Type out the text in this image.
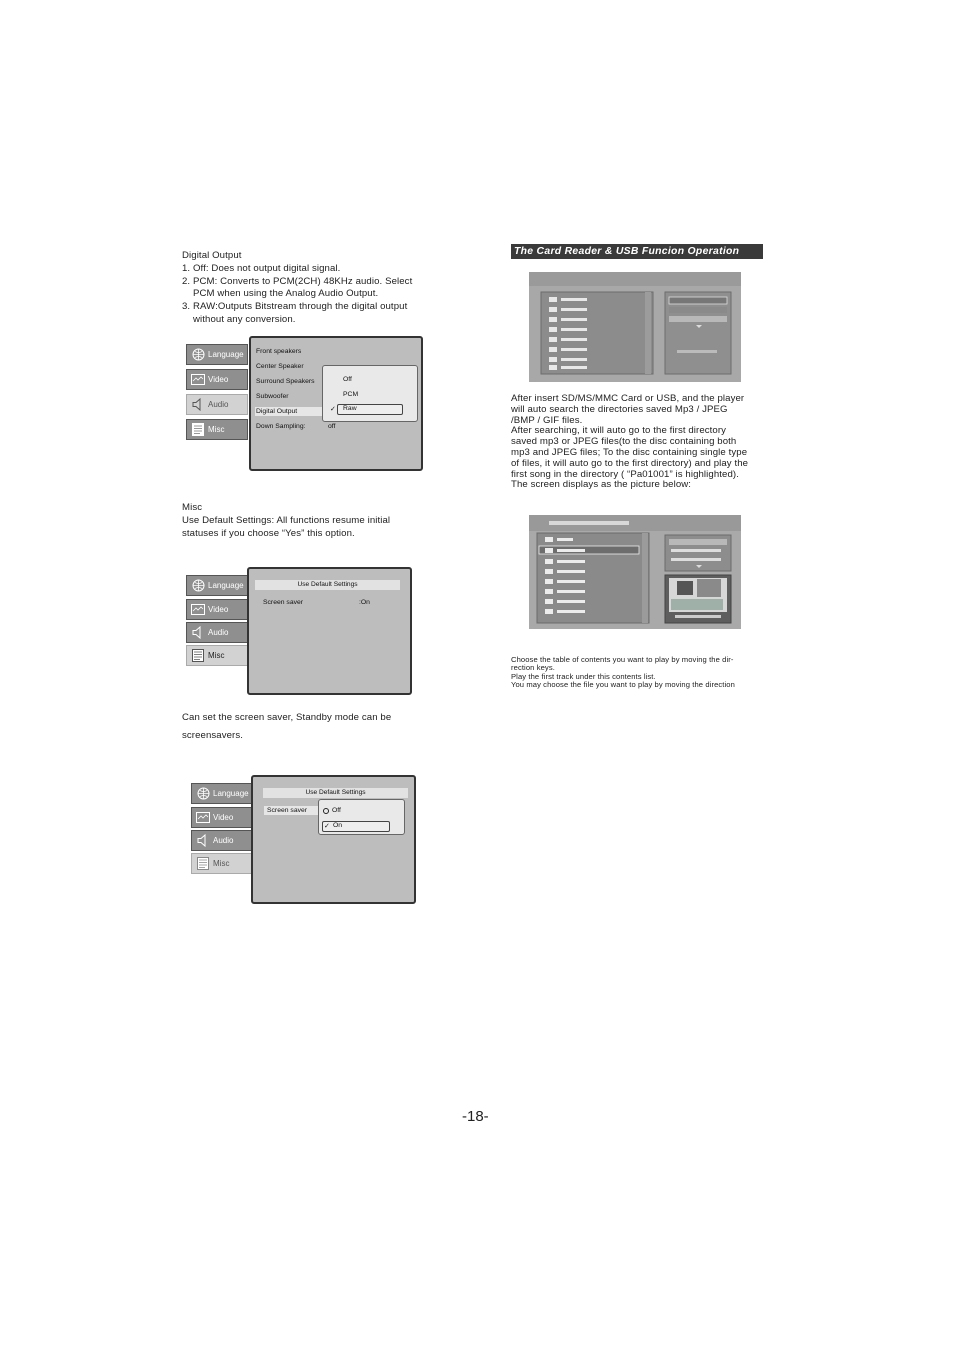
Digital Output
1. Off: Does not output digital signal.
2. PCM: Converts to PCM(2CH) 48KHz audio. Select
PCM when using the Analog Audio Output.
3. RAW:Outputs Bitstream through the digital output
without any conversion.
Language
Video
Audio
Misc
Front speakers
Center Speaker
Surround Speakers
Subwoofer
Digital Output
Down Sampling:	off
Off
PCM
✓ Raw
Misc
Use Default Settings: All functions resume initial
statuses if you choose “Yes” this option.
Language
Video
Audio
Misc
Use Default Settings
Screen saver	:On
Can set the screen saver, Standby mode can be
screensavers.
Language
Video
Audio
Misc
Use Default Settings
Screen saver	Off
✓ On
The Card Reader & USB Funcion Operation
After insert SD/MS/MMC Card or USB, and the player
will auto search the directories saved Mp3 / JPEG
/BMP / GIF files.
After searching, it will auto go to the first directory
saved mp3 or JPEG files(to the disc containing both
mp3 and JPEG files; To the disc containing single type
of files, it will auto go to the first directory) and play the
first song in the directory ( “Pa01001” is highlighted).
The screen displays as the picture below:
Choose the table of contents you want to play by moving the dir-
rection keys.
Play the first track under this contents list.
You may choose the file you want to play by moving the direction
-18-
